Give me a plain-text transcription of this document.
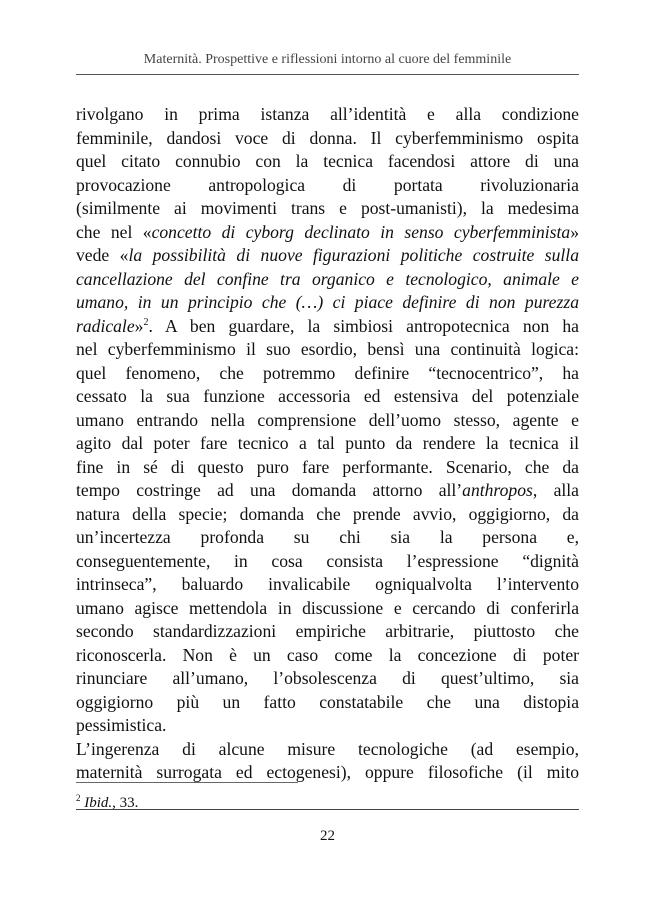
Maternità. Prospettive e riflessioni intorno al cuore del femminile
rivolgano in prima istanza all’identità e alla condizione
femminile, dandosi voce di donna. Il cyberfemminismo ospita
quel citato connubio con la tecnica facendosi attore di una
provocazione antropologica di portata rivoluzionaria
(similmente ai movimenti trans e post-umanisti), la medesima
che nel «concetto di cyborg declinato in senso cyberfemminista»
vede «la possibilità di nuove figurazioni politiche costruite sulla
cancellazione del confine tra organico e tecnologico, animale e
umano, in un principio che (…) ci piace definire di non purezza
radicale»$^2$. A ben guardare, la simbiosi antropotecnica non ha
nel cyberfemminismo il suo esordio, bensì una continuità logica:
quel fenomeno, che potremmo definire “tecnocentrico”, ha
cessato la sua funzione accessoria ed estensiva del potenziale
umano entrando nella comprensione dell’uomo stesso, agente e
agito dal poter fare tecnico a tal punto da rendere la tecnica il
fine in sé di questo puro fare performante. Scenario, che da
tempo costringe ad una domanda attorno all’anthropos, alla
natura della specie; domanda che prende avvio, oggigiorno, da
un’incertezza profonda su chi sia la persona e,
conseguentemente, in cosa consista l’espressione “dignità
intrinseca”, baluardo invalicabile ogniqualvolta l’intervento
umano agisce mettendola in discussione e cercando di conferirla
secondo standardizzazioni empiriche arbitrarie, piuttosto che
riconoscerla. Non è un caso come la concezione di poter
rinunciare all’umano, l’obsolescenza di quest’ultimo, sia
oggigiorno più un fatto constatabile che una distopia
pessimistica.
L’ingerenza di alcune misure tecnologiche (ad esempio,
maternità surrogata ed ectogenesi), oppure filosofiche (il mito
$^2$ Ibid., 33.
22
